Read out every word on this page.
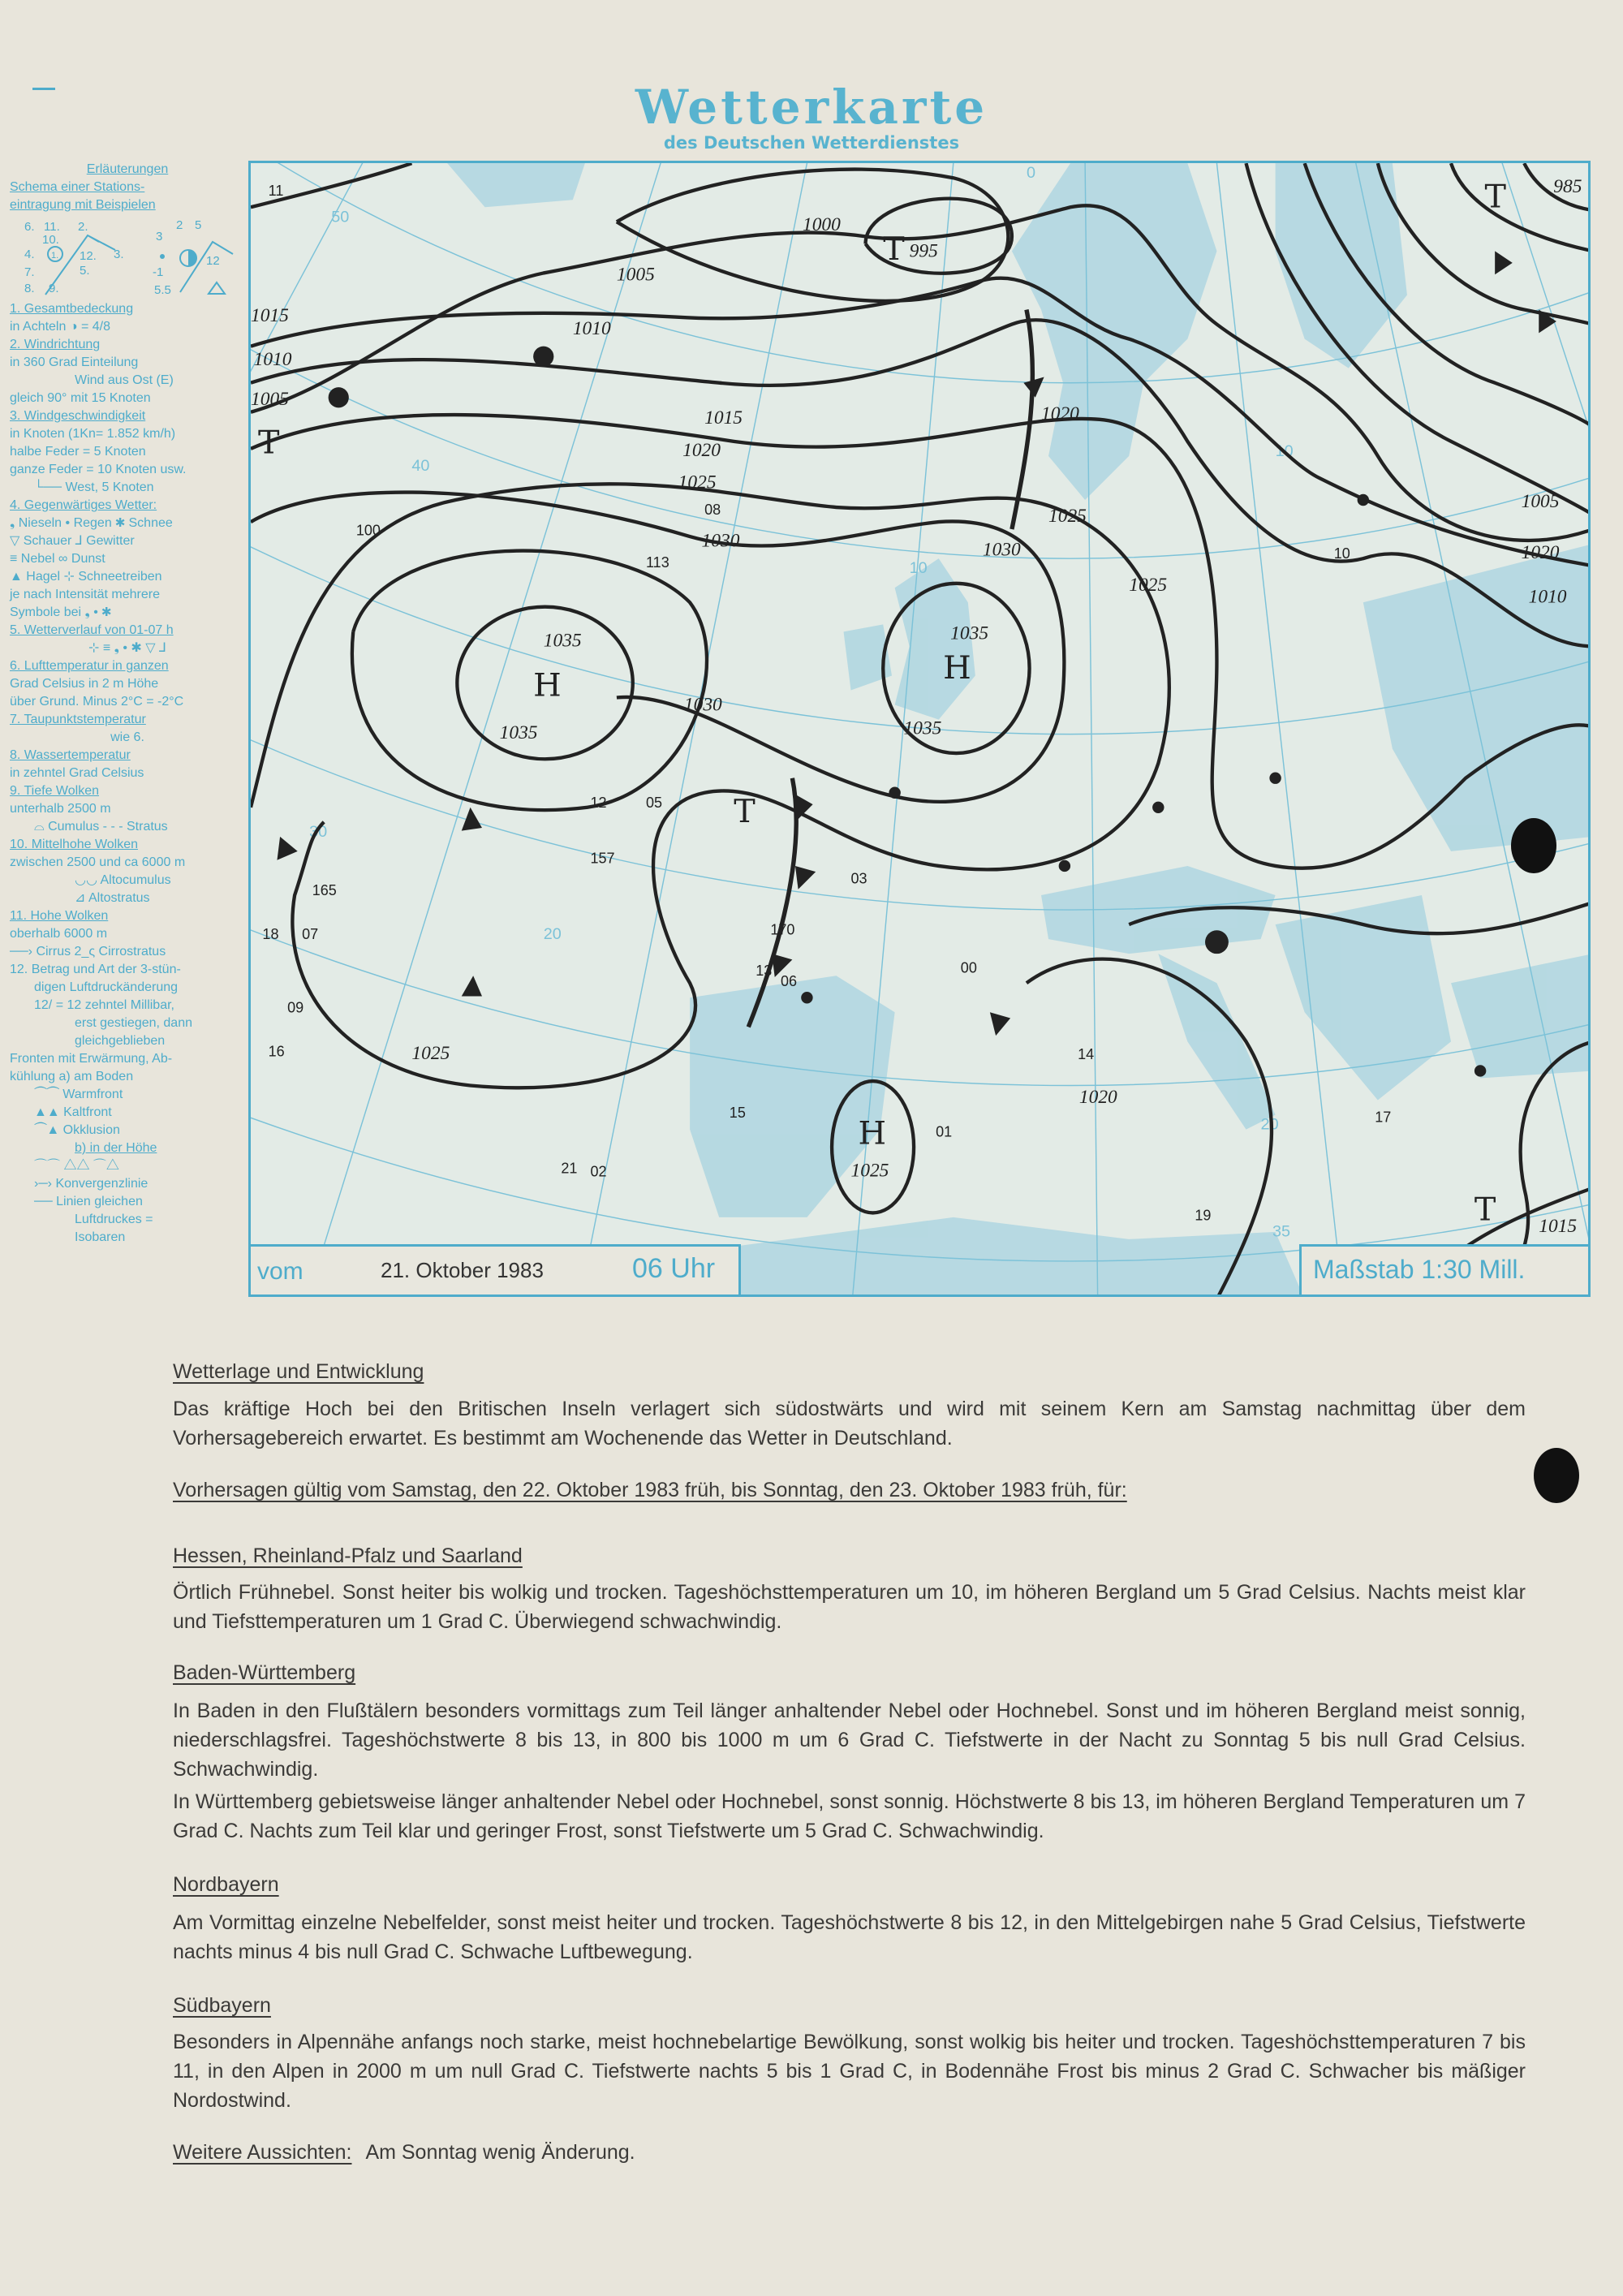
Wetterkarte
des Deutschen Wetterdienstes
Erläuterungen
Schema einer Stations-
eintragung mit Beispielen
6. 11. 2.
10.
4. 1. 12. 3.
7.	5.
8. 9.
3
2 5
12
-1
5.5
1. Gesamtbedeckung
in Achteln ◑ = 4/8
2. Windrichtung
in 360 Grad Einteilung
Wind aus Ost (E)
gleich 90° mit 15 Knoten
3. Windgeschwindigkeit
in Knoten (1Kn= 1.852 km/h)
halbe Feder = 5 Knoten
ganze Feder = 10 Knoten usw.
└── West, 5 Knoten
4. Gegenwärtiges Wetter:
❟ Nieseln • Regen ✱ Schnee
▽ Schauer ⅃ Gewitter
≡ Nebel ∞ Dunst
▲ Hagel ⊹ Schneetreiben
je nach Intensität mehrere
Symbole bei ❟ • ✱
5. Wetterverlauf von 01-07 h
⊹ ≡ ❟ • ✱ ▽ ⅃
6. Lufttemperatur in ganzen
Grad Celsius in 2 m Höhe
über Grund. Minus 2°C = -2°C
7. Taupunktstemperatur
wie 6.
8. Wassertemperatur
in zehntel Grad Celsius
9. Tiefe Wolken
unterhalb 2500 m
⌓ Cumulus - - - Stratus
10. Mittelhohe Wolken
zwischen 2500 und ca 6000 m
◡◡ Altocumulus
⊿ Altostratus
11. Hohe Wolken
oberhalb 6000 m
──› Cirrus 2_ς Cirrostratus
12. Betrag und Art der 3-stün-
digen Luftdruckänderung
12/ = 12 zehntel Millibar,
erst gestiegen, dann
gleichgeblieben
Fronten mit Erwärmung, Ab-
kühlung a) am Boden
⏜⏜ Warmfront
▲▲ Kaltfront
⏜▲ Okklusion
b) in der Höhe
⌒⌒ △△ ⌒△
›─› Konvergenzlinie
── Linien gleichen
Luftdruckes =
Isobaren
50
40
30
20
10
0
10
20
35
H	H
H
T
T
T
T
T
1035
1035
1035
1035
1030
1030
1030
1025
1025
1025
1025
1020
1020
1020
1015
1015
1010
1010
1005
1005
1000
995
1025
1020
985
1015
1010
1005
11
08
13
12
06
09
15
18	07
16
02
21
10
14
03
05
00
01
17
19
165
170
157
113
100
vom	21. Oktober 1983	06 Uhr	Maßstab 1:30 Mill.
Wetterlage und Entwicklung
Das kräftige Hoch bei den Britischen Inseln verlagert sich südostwärts und wird mit seinem Kern am Samstag nachmittag über dem Vorhersagebereich erwartet. Es bestimmt am Wochenende das Wetter in Deutschland.
Vorhersagen gültig vom Samstag, den 22. Oktober 1983 früh, bis Sonntag, den 23. Oktober 1983 früh, für:
Hessen, Rheinland-Pfalz und Saarland
Örtlich Frühnebel. Sonst heiter bis wolkig und trocken. Tageshöchsttemperaturen um 10, im höheren Bergland um 5 Grad Celsius. Nachts meist klar und Tiefsttemperaturen um 1 Grad C. Überwiegend schwachwindig.
Baden-Württemberg
In Baden in den Flußtälern besonders vormittags zum Teil länger anhaltender Nebel oder Hochnebel. Sonst und im höheren Bergland meist sonnig, niederschlagsfrei. Tageshöchstwerte 8 bis 13, in 800 bis 1000 m um 6 Grad C. Tiefstwerte in der Nacht zu Sonntag 5 bis null Grad Celsius. Schwachwindig.
In Württemberg gebietsweise länger anhaltender Nebel oder Hochnebel, sonst sonnig. Höchstwerte 8 bis 13, im höheren Bergland Temperaturen um 7 Grad C. Nachts zum Teil klar und geringer Frost, sonst Tiefstwerte um 5 Grad C. Schwachwindig.
Nordbayern
Am Vormittag einzelne Nebelfelder, sonst meist heiter und trocken. Tageshöchstwerte 8 bis 12, in den Mittelgebirgen nahe 5 Grad Celsius, Tiefstwerte nachts minus 4 bis null Grad C. Schwache Luftbewegung.
Südbayern
Besonders in Alpennähe anfangs noch starke, meist hochnebelartige Bewölkung, sonst wolkig bis heiter und trocken. Tageshöchsttemperaturen 7 bis 11, in den Alpen in 2000 m um null Grad C. Tiefstwerte nachts 5 bis 1 Grad C, in Bodennähe Frost bis minus 2 Grad C. Schwacher bis mäßiger Nordostwind.
Weitere Aussichten: Am Sonntag wenig Änderung.
